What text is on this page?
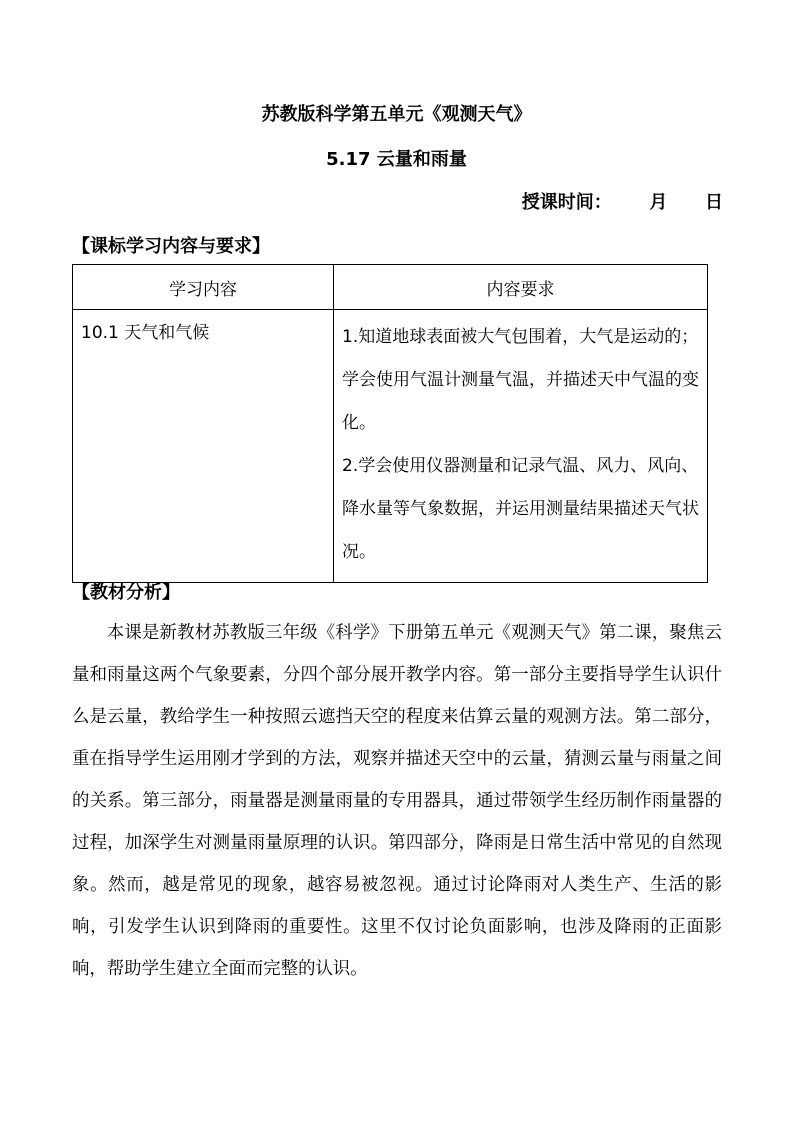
苏教版科学第五单元《观测天气》
5.17 云量和雨量
授课时间： 月 日
【课标学习内容与要求】
学习内容	内容要求
10.1 天气和气候	1.知道地球表面被大气包围着，大气是运动的；学会使用气温计测量气温，并描述天中气温的变化。
2.学会使用仪器测量和记录气温、风力、风向、降水量等气象数据，并运用测量结果描述天气状况。
【教材分析】
本课是新教材苏教版三年级《科学》下册第五单元《观测天气》第二课，聚焦云量和雨量这两个气象要素，分四个部分展开教学内容。第一部分主要指导学生认识什么是云量，教给学生一种按照云遮挡天空的程度来估算云量的观测方法。第二部分，重在指导学生运用刚才学到的方法，观察并描述天空中的云量，猜测云量与雨量之间的关系。第三部分，雨量器是测量雨量的专用器具，通过带领学生经历制作雨量器的过程，加深学生对测量雨量原理的认识。第四部分，降雨是日常生活中常见的自然现象。然而，越是常见的现象，越容易被忽视。通过讨论降雨对人类生产、生活的影响，引发学生认识到降雨的重要性。这里不仅讨论负面影响，也涉及降雨的正面影响，帮助学生建立全面而完整的认识。
